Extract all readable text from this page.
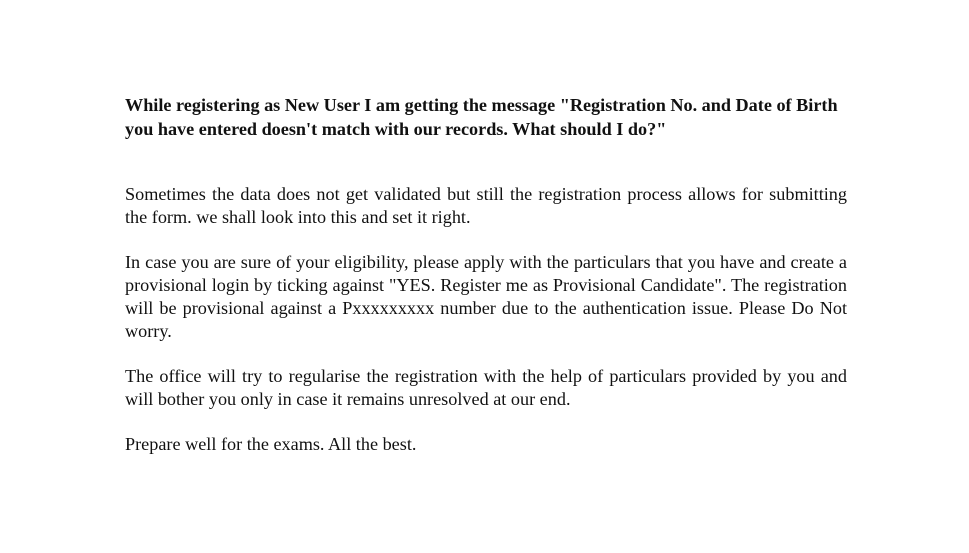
While registering as New User I am getting the message "Registration No. and Date of Birth you have entered doesn't match with our records. What should I do?"

Sometimes the data does not get validated but still the registration process allows for submitting the form. we shall look into this and set it right.

In case you are sure of your eligibility, please apply with the particulars that you have and create a provisional login by ticking against "YES. Register me as Provisional Candidate". The registration will be provisional against a Pxxxxxxxxx number due to the authentication issue. Please Do Not worry.

The office will try to regularise the registration with the help of particulars provided by you and will bother you only in case it remains unresolved at our end.

Prepare well for the exams. All the best.
